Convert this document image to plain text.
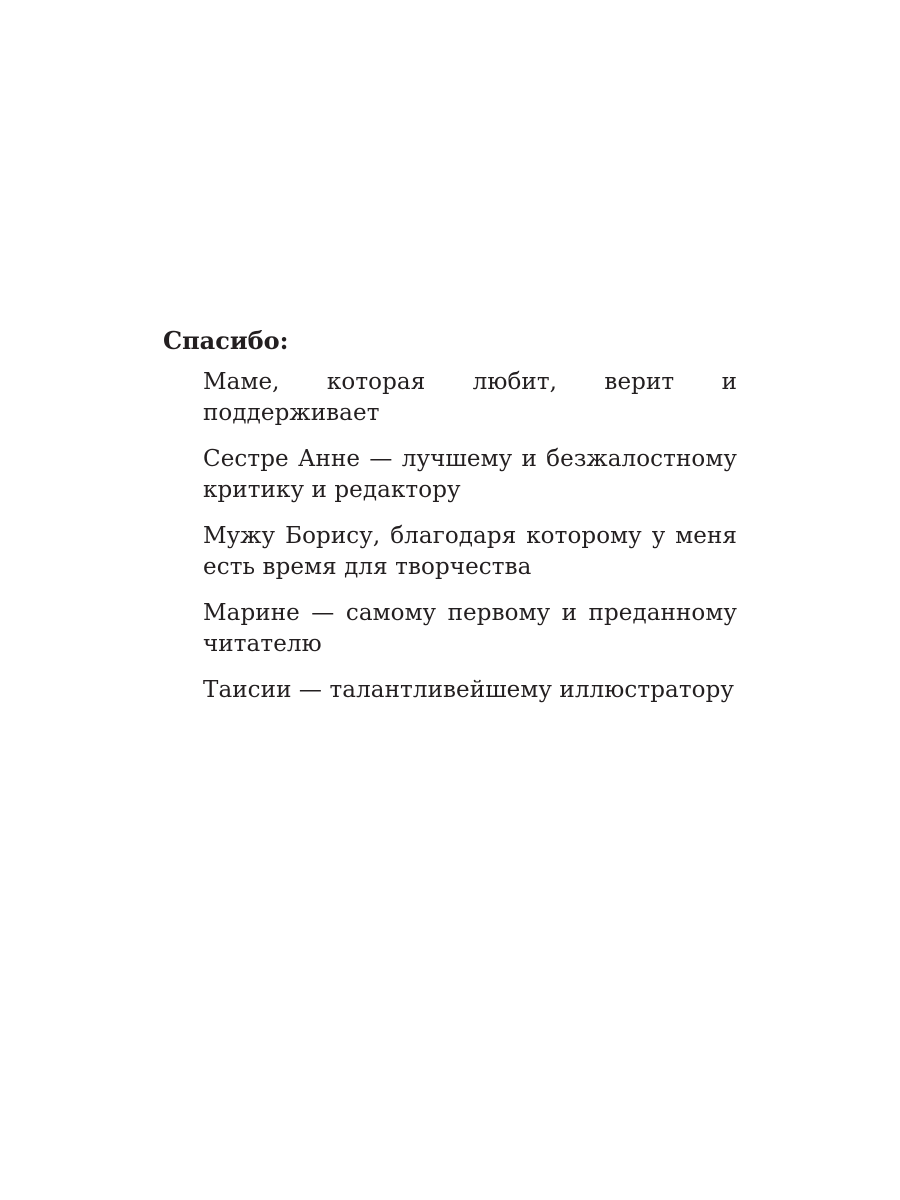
Спасибо:
Маме, которая любит, верит и поддерживает
Сестре Анне — лучшему и безжалостному критику и редактору
Мужу Борису, благодаря которому у меня есть время для творчества
Марине — самому первому и преданному читателю
Таисии — талантливейшему иллюстратору
